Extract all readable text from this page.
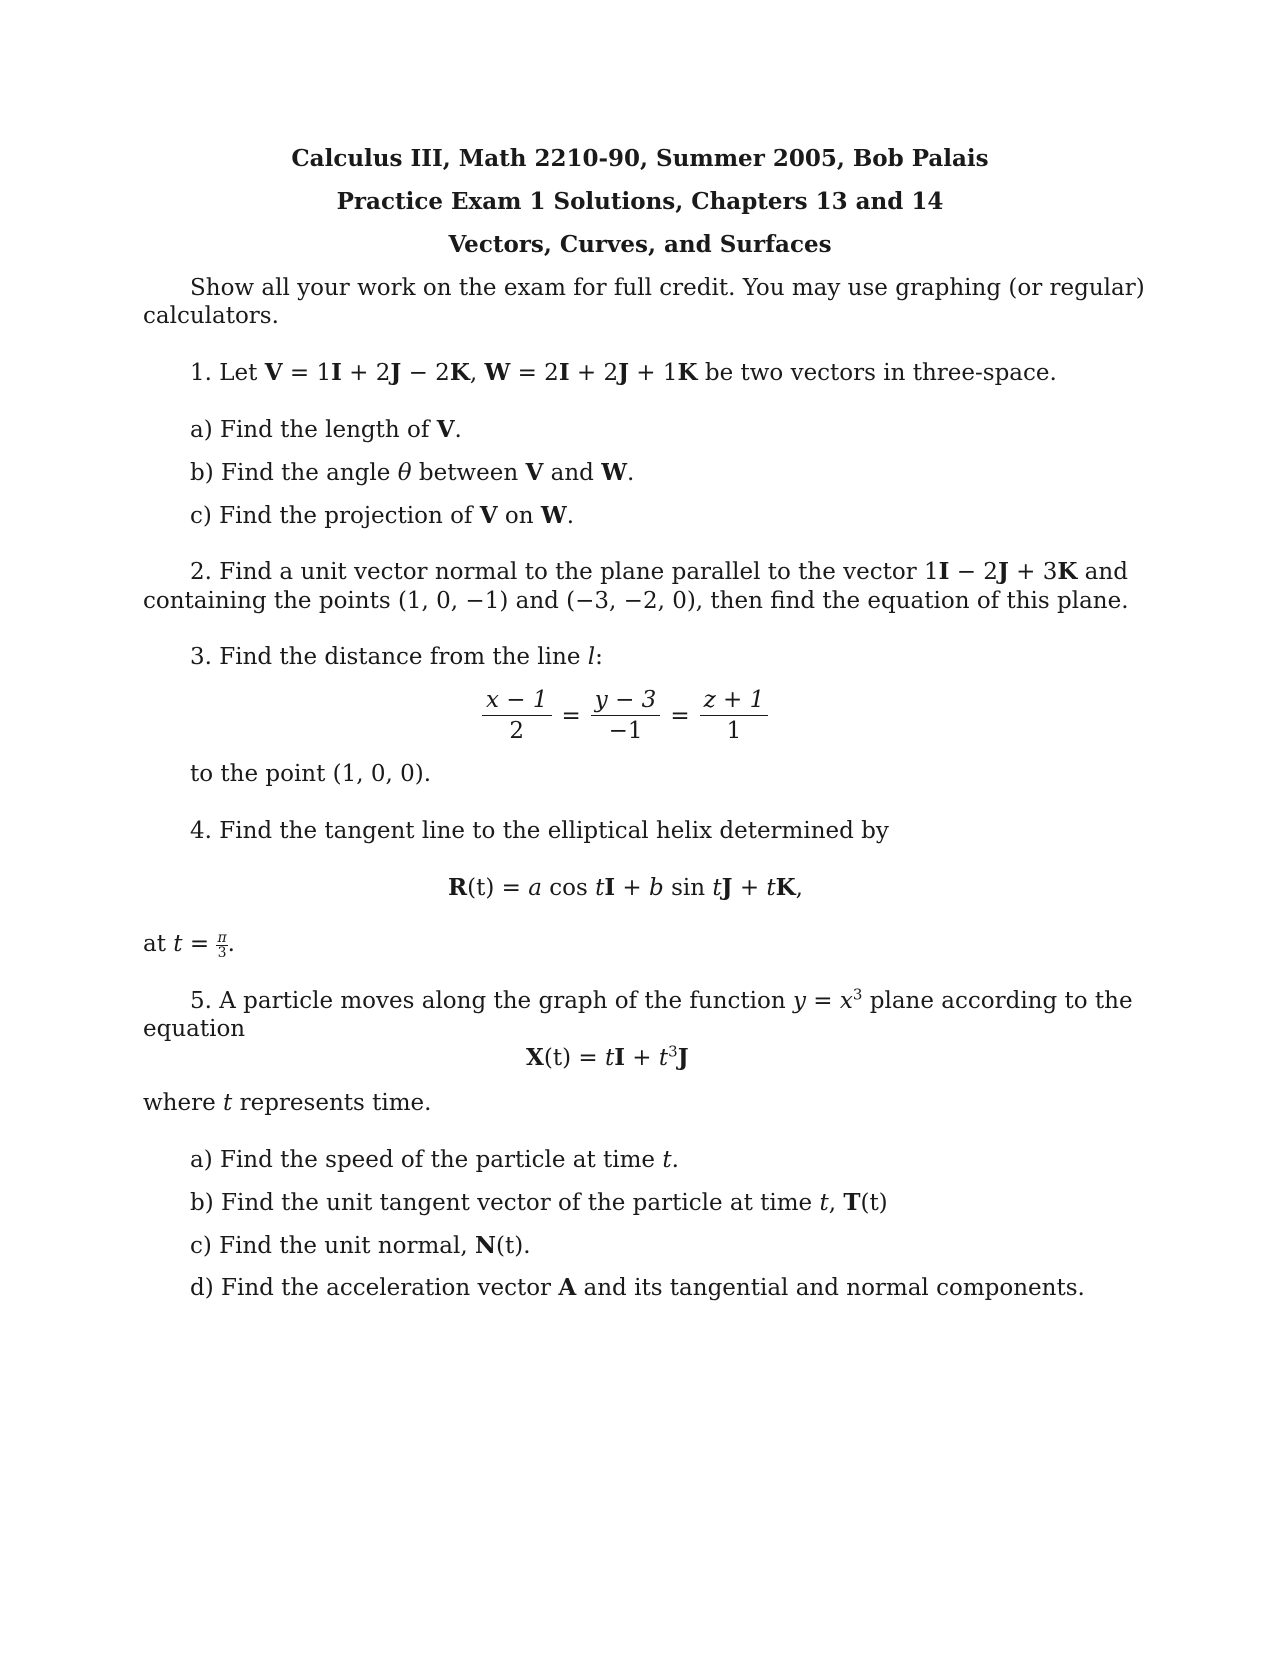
Calculus III, Math 2210-90, Summer 2005, Bob Palais
Practice Exam 1 Solutions, Chapters 13 and 14
Vectors, Curves, and Surfaces
Show all your work on the exam for full credit. You may use graphing (or regular)
calculators.
1. Let V = 1I + 2J − 2K, W = 2I + 2J + 1K be two vectors in three-space.
a) Find the length of V.
b) Find the angle θ between V and W.
c) Find the projection of V on W.
2. Find a unit vector normal to the plane parallel to the vector 1I − 2J + 3K and
containing the points (1, 0, −1) and (−3, −2, 0), then find the equation of this plane.
3. Find the distance from the line l:
$\frac{x - 1}{2} = \frac{y - 3}{-1} = \frac{z + 1}{1}$
to the point (1, 0, 0).
4. Find the tangent line to the elliptical helix determined by
R(t) = a cos tI + b sin tJ + tK,
at $t = \frac{\pi}{3}$ .
5. A particle moves along the graph of the function $y = x^3$ plane according to the
equation
X(t) = tI + $t^3J$
where t represents time.
a) Find the speed of the particle at time t.
b) Find the unit tangent vector of the particle at time t, T(t)
c) Find the unit normal, N(t).
d) Find the acceleration vector A and its tangential and normal components.
